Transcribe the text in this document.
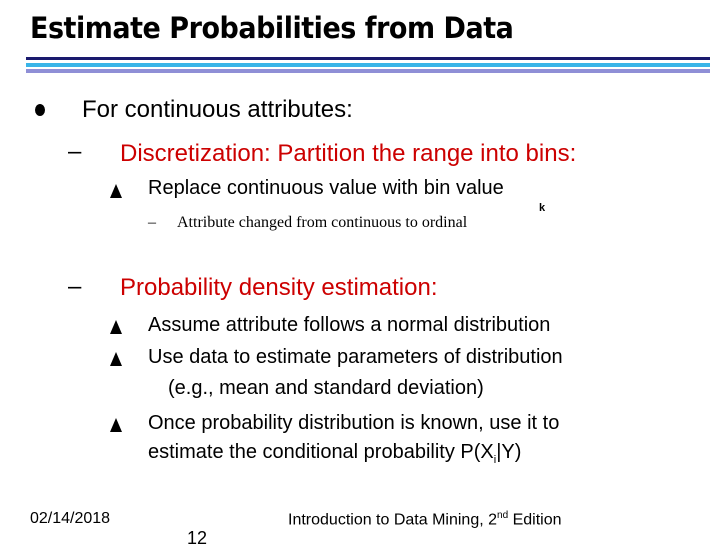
Estimate Probabilities from Data
For continuous attributes:
– Discretization: Partition the range into bins:
Replace continuous value with bin value
– Attribute changed from continuous to ordinal
k
– Probability density estimation:
Assume attribute follows a normal distribution
Use data to estimate parameters of distribution
(e.g., mean and standard deviation)
Once probability distribution is known, use it to
estimate the conditional probability $P(X_i|Y)$
02/14/2018	Introduction to Data Mining, 2nd Edition
12
